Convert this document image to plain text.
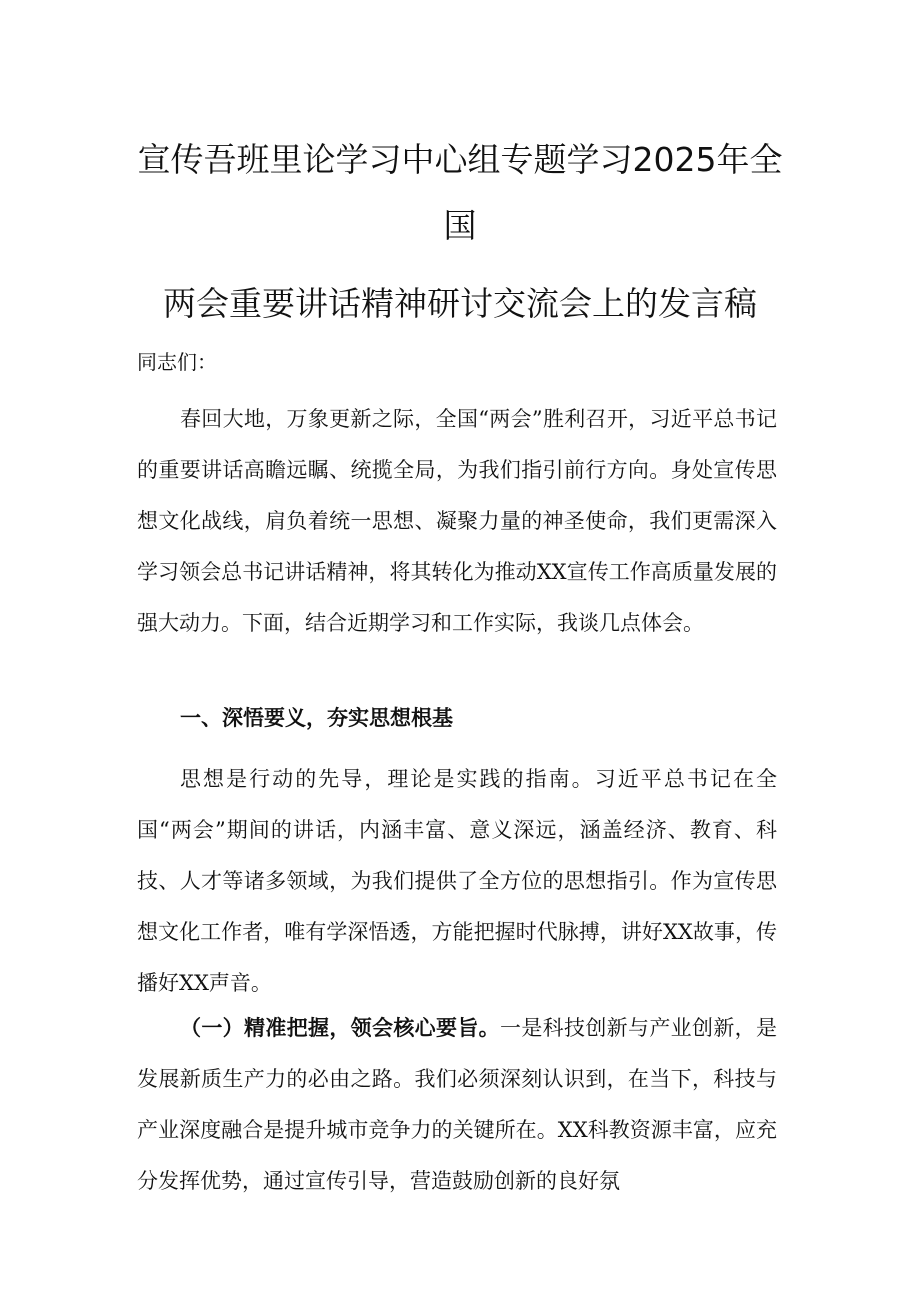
宣传吾班里论学习中心组专题学习2025年全
国
两会重要讲话精神研讨交流会上的发言稿
同志们：
春回大地，万象更新之际，全国“两会”胜利召开，习近平总书记的重要讲话高瞻远瞩、统揽全局，为我们指引前行方向。身处宣传思想文化战线，肩负着统一思想、凝聚力量的神圣使命，我们更需深入学习领会总书记讲话精神，将其转化为推动XX宣传工作高质量发展的强大动力。下面，结合近期学习和工作实际，我谈几点体会。
一、深悟要义，夯实思想根基
思想是行动的先导，理论是实践的指南。习近平总书记在全国“两会”期间的讲话，内涵丰富、意义深远，涵盖经济、教育、科技、人才等诸多领域，为我们提供了全方位的思想指引。作为宣传思想文化工作者，唯有学深悟透，方能把握时代脉搏，讲好XX故事，传播好XX声音。
（一）精准把握，领会核心要旨。一是科技创新与产业创新，是发展新质生产力的必由之路。我们必须深刻认识到，在当下，科技与产业深度融合是提升城市竞争力的关键所在。XX科教资源丰富，应充分发挥优势，通过宣传引导，营造鼓励创新的良好氛
